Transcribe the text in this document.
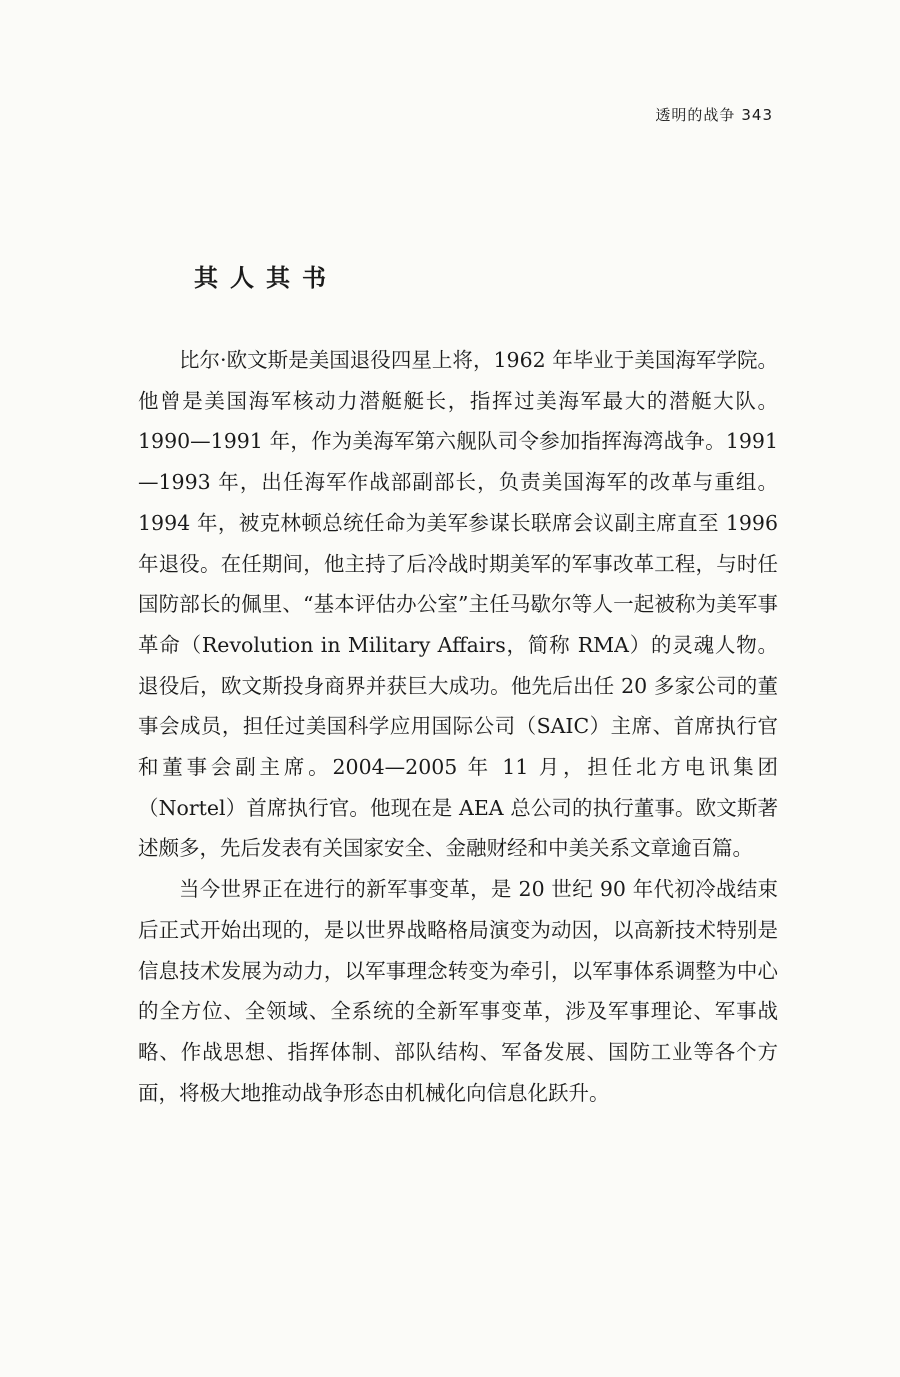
透明的战争 343
其人其书

比尔·欧文斯是美国退役四星上将，1962 年毕业于美国海军学院。他曾是美国海军核动力潜艇艇长，指挥过美海军最大的潜艇大队。1990—1991 年，作为美海军第六舰队司令参加指挥海湾战争。1991—1993 年，出任海军作战部副部长，负责美国海军的改革与重组。1994 年，被克林顿总统任命为美军参谋长联席会议副主席直至 1996 年退役。在任期间，他主持了后冷战时期美军的军事改革工程，与时任国防部长的佩里、“基本评估办公室”主任马歇尔等人一起被称为美军事革命（Revolution in Military Affairs，简称 RMA）的灵魂人物。退役后，欧文斯投身商界并获巨大成功。他先后出任 20 多家公司的董事会成员，担任过美国科学应用国际公司（SAIC）主席、首席执行官和董事会副主席。2004—2005 年 11 月，担任北方电讯集团（Nortel）首席执行官。他现在是 AEA 总公司的执行董事。欧文斯著述颇多，先后发表有关国家安全、金融财经和中美关系文章逾百篇。

当今世界正在进行的新军事变革，是 20 世纪 90 年代初冷战结束后正式开始出现的，是以世界战略格局演变为动因，以高新技术特别是信息技术发展为动力，以军事理念转变为牵引，以军事体系调整为中心的全方位、全领域、全系统的全新军事变革，涉及军事理论、军事战略、作战思想、指挥体制、部队结构、军备发展、国防工业等各个方面，将极大地推动战争形态由机械化向信息化跃升。
